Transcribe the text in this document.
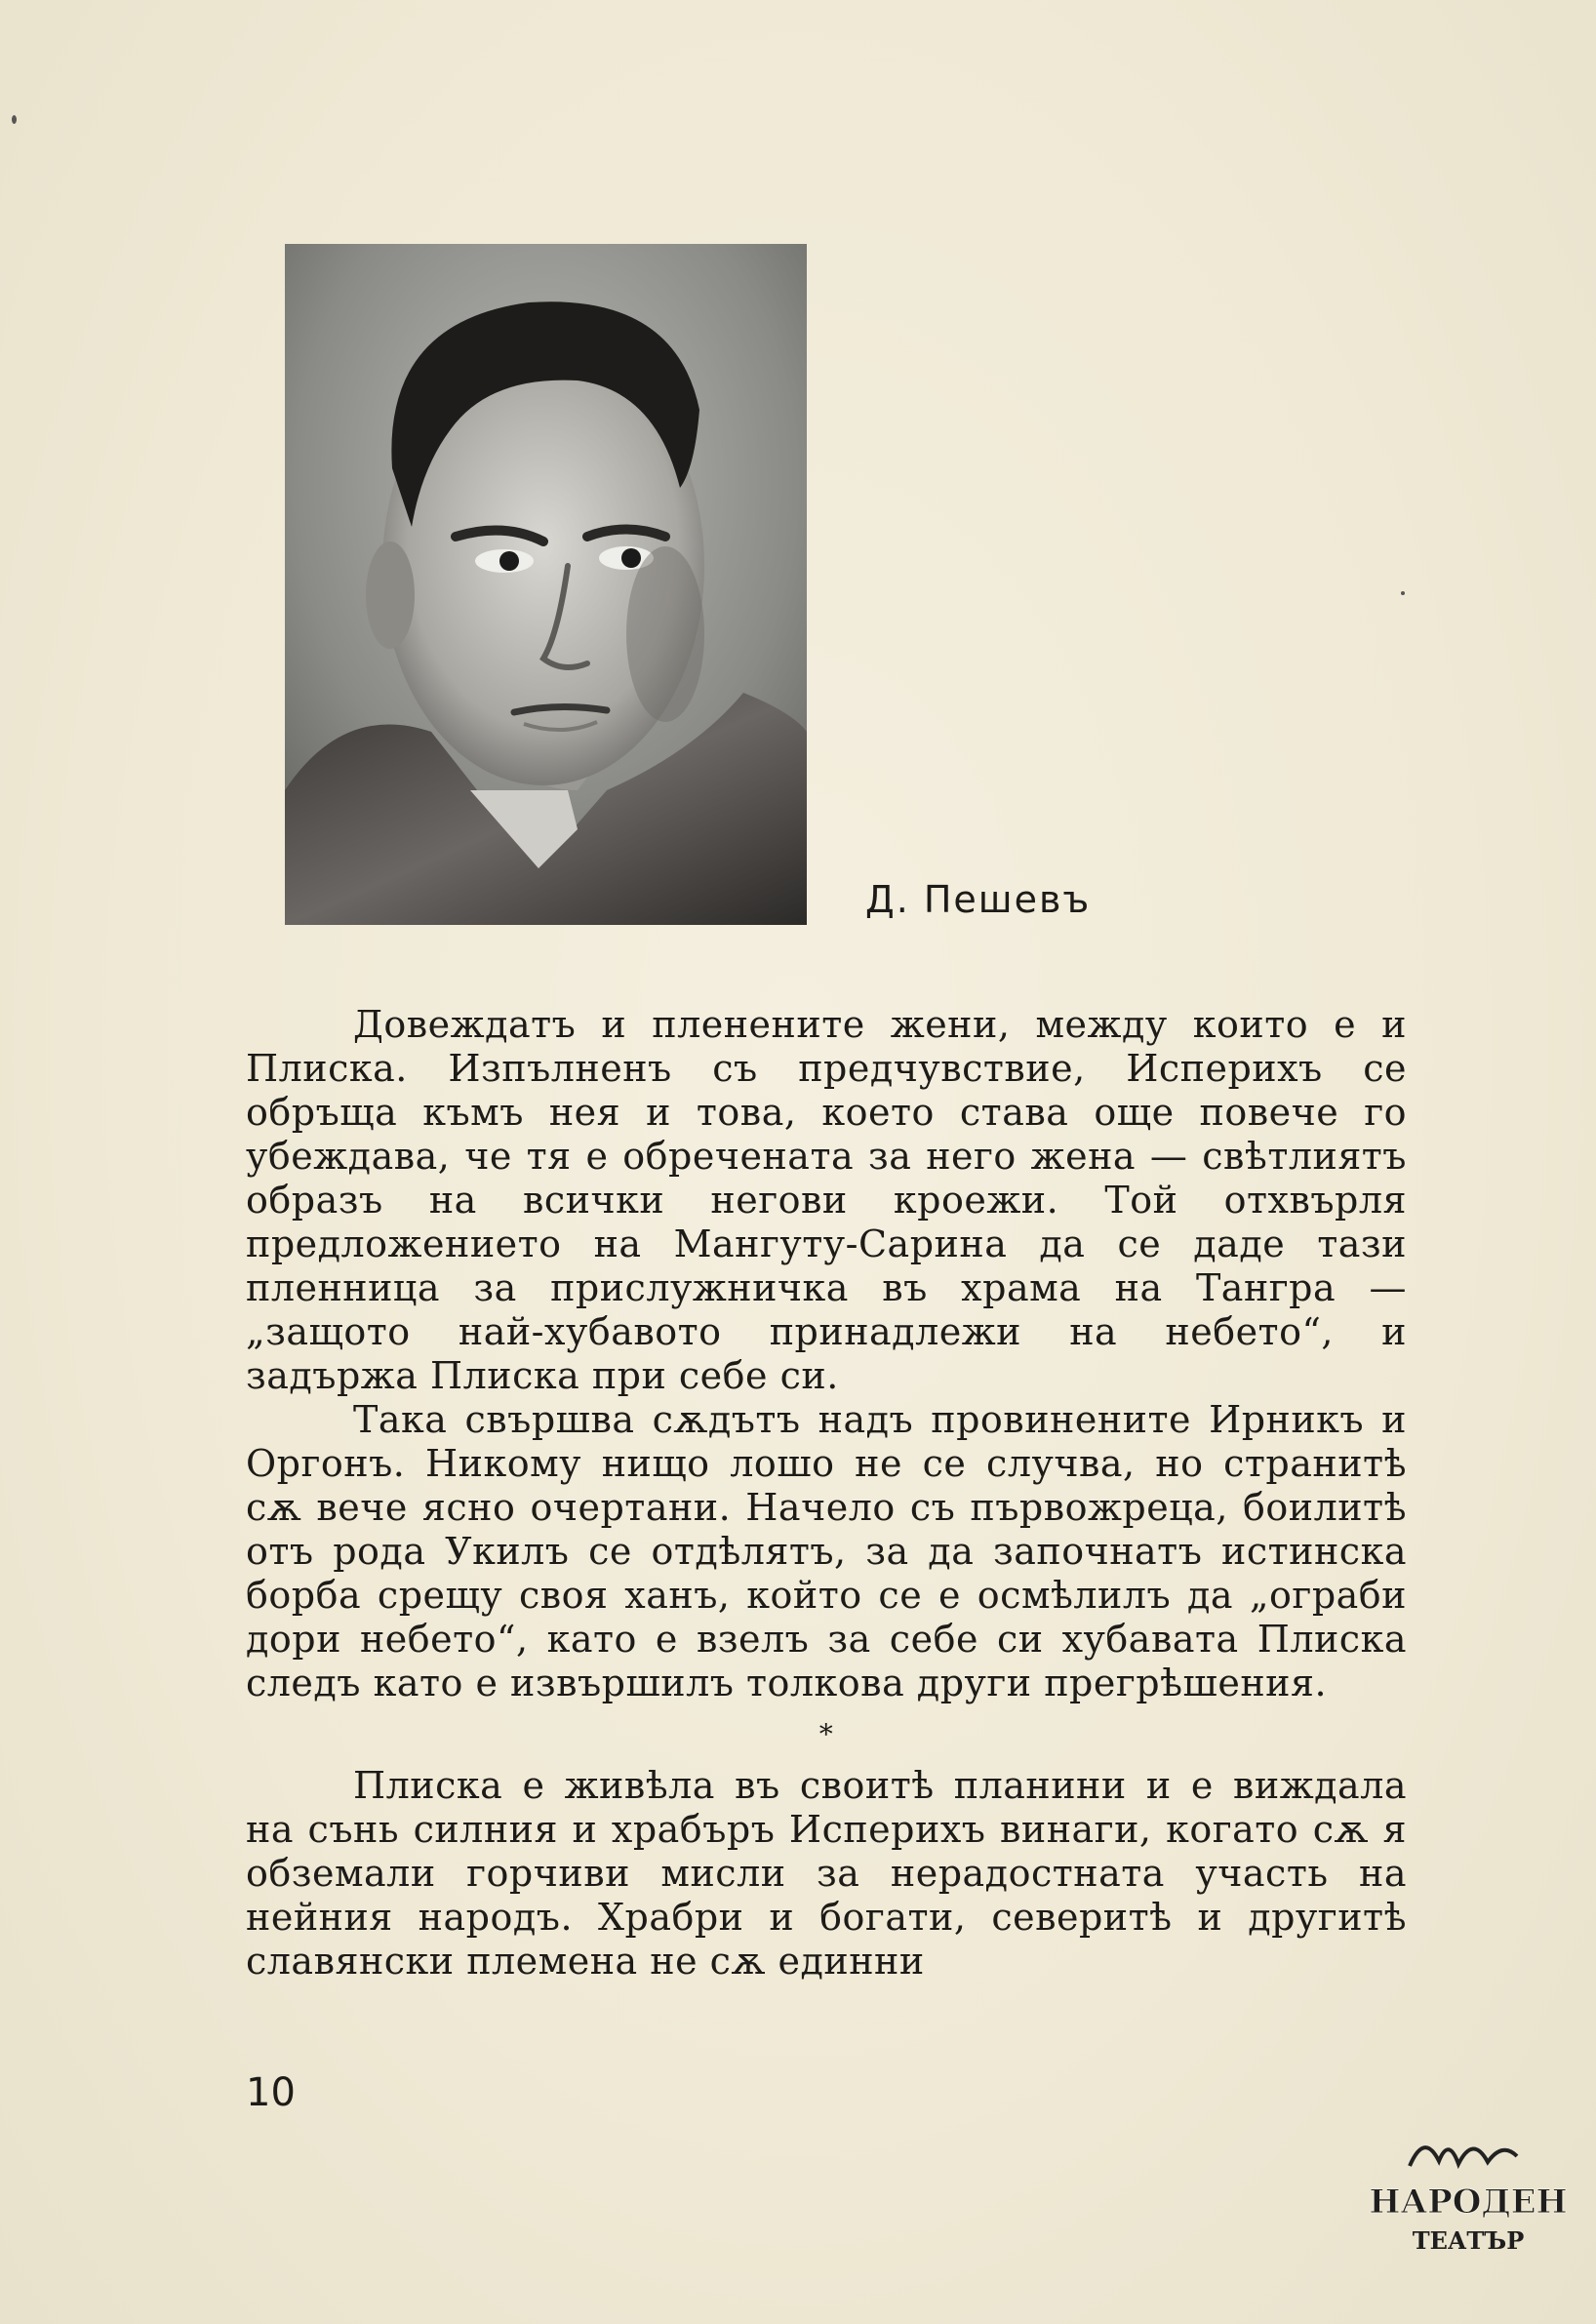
Д. Пешевъ

Довеждатъ и пленените жени, между които е и Плиска. Изпълненъ съ предчувствие, Исперихъ се обръща къмъ нея и това, което става още повече го убеждава, че тя е обречената за него жена — свѣтлиятъ образъ на всички негови кроежи. Той отхвърля предложението на Мангуту-Сарина да се даде тази пленница за прислужничка въ храма на Тангра — „защото най-хубавото принадлежи на небето“, и задържа Плиска при себе си.

Така свършва сѫдътъ надъ провинените Ирникъ и Оргонъ. Никому нищо лошо не се случва, но странитѣ сѫ вече ясно очертани. Начело съ първожреца, боилитѣ отъ рода Укилъ се отдѣлятъ, за да започнатъ истинска борба срещу своя ханъ, който се е осмѣлилъ да „ограби дори небето“, като е взелъ за себе си хубавата Плиска следъ като е извършилъ толкова други прегрѣшения.

*

Плиска е живѣла въ своитѣ планини и е виждала на сънь силния и храбъръ Исперихъ винаги, когато сѫ я обземали горчиви мисли за нерадостната участь на нейния народъ. Храбри и богати, северитѣ и другитѣ славянски племена не сѫ единни

10
НАРОДЕН
ТЕАТЪР
